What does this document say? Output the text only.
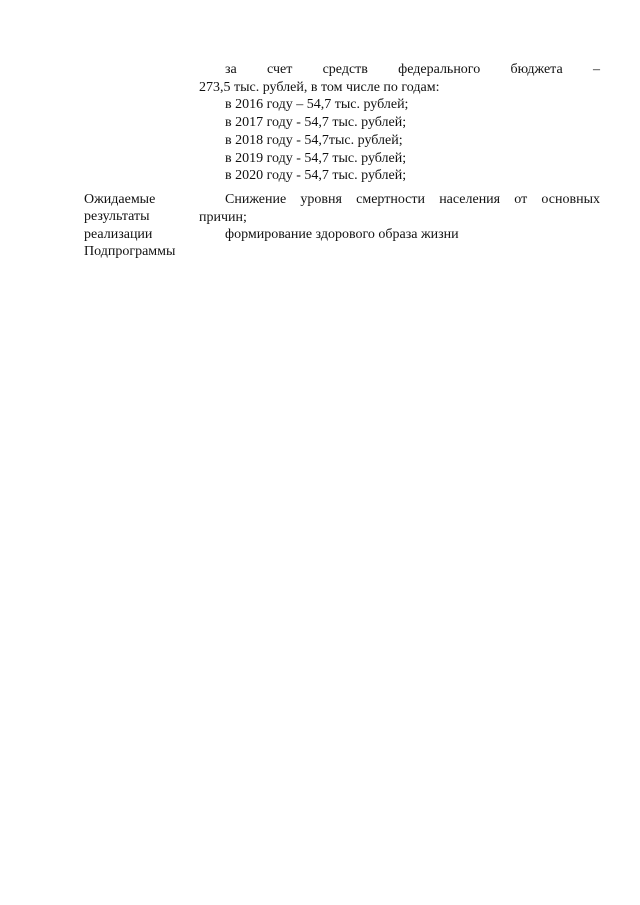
за счет средств федерального бюджета –
273,5 тыс. рублей, в том числе по годам:
в 2016 году – 54,7 тыс. рублей;
в 2017 году - 54,7 тыс. рублей;
в 2018 году - 54,7тыс. рублей;
в 2019 году - 54,7 тыс. рублей;
в 2020 году - 54,7 тыс. рублей;
Ожидаемые
результаты
реализации
Подпрограммы
Снижение уровня смертности населения от основных
причин;
формирование здорового образа жизни
